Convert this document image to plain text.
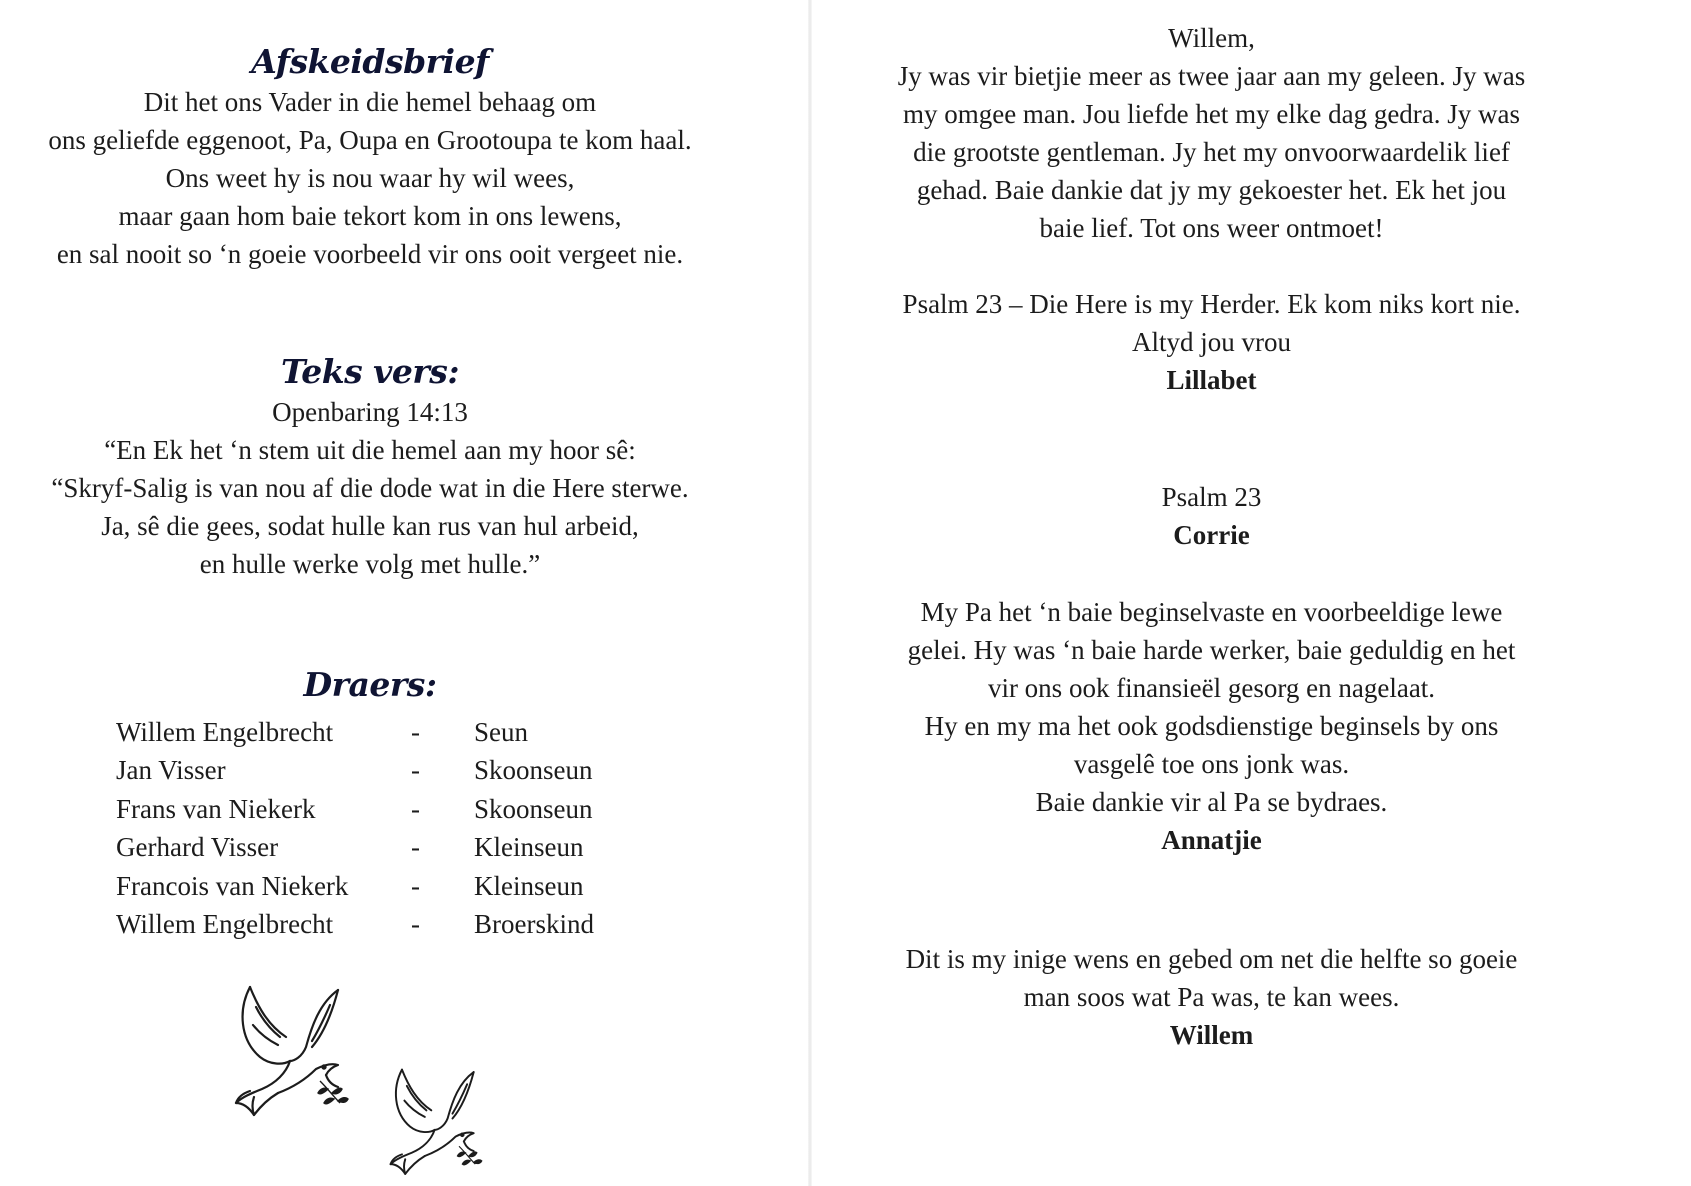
Afskeidsbrief
Dit het ons Vader in die hemel behaag om
ons geliefde eggenoot, Pa, Oupa en Grootoupa te kom haal.
Ons weet hy is nou waar hy wil wees,
maar gaan hom baie tekort kom in ons lewens,
en sal nooit so ‘n goeie voorbeeld vir ons ooit vergeet nie.
Teks vers:
Openbaring 14:13
“En Ek het ‘n stem uit die hemel aan my hoor sê:
“Skryf-Salig is van nou af die dode wat in die Here sterwe.
Ja, sê die gees, sodat hulle kan rus van hul arbeid,
en hulle werke volg met hulle.”
Draers:
Willem Engelbrecht	- Seun
Jan Visser	- Skoonseun
Frans van Niekerk	- Skoonseun
Gerhard Visser	- Kleinseun
Francois van Niekerk - Kleinseun
Willem Engelbrecht	- Broerskind
Willem,
Jy was vir bietjie meer as twee jaar aan my geleen. Jy was
my omgee man. Jou liefde het my elke dag gedra. Jy was
die grootste gentleman. Jy het my onvoorwaardelik lief
gehad. Baie dankie dat jy my gekoester het. Ek het jou
baie lief. Tot ons weer ontmoet!
Psalm 23 – Die Here is my Herder. Ek kom niks kort nie.
Altyd jou vrou
Lillabet
Psalm 23
Corrie
My Pa het ‘n baie beginselvaste en voorbeeldige lewe
gelei. Hy was ‘n baie harde werker, baie geduldig en het
vir ons ook finansieël gesorg en nagelaat.
Hy en my ma het ook godsdienstige beginsels by ons
vasgelê toe ons jonk was.
Baie dankie vir al Pa se bydraes.
Annatjie
Dit is my inige wens en gebed om net die helfte so goeie
man soos wat Pa was, te kan wees.
Willem
